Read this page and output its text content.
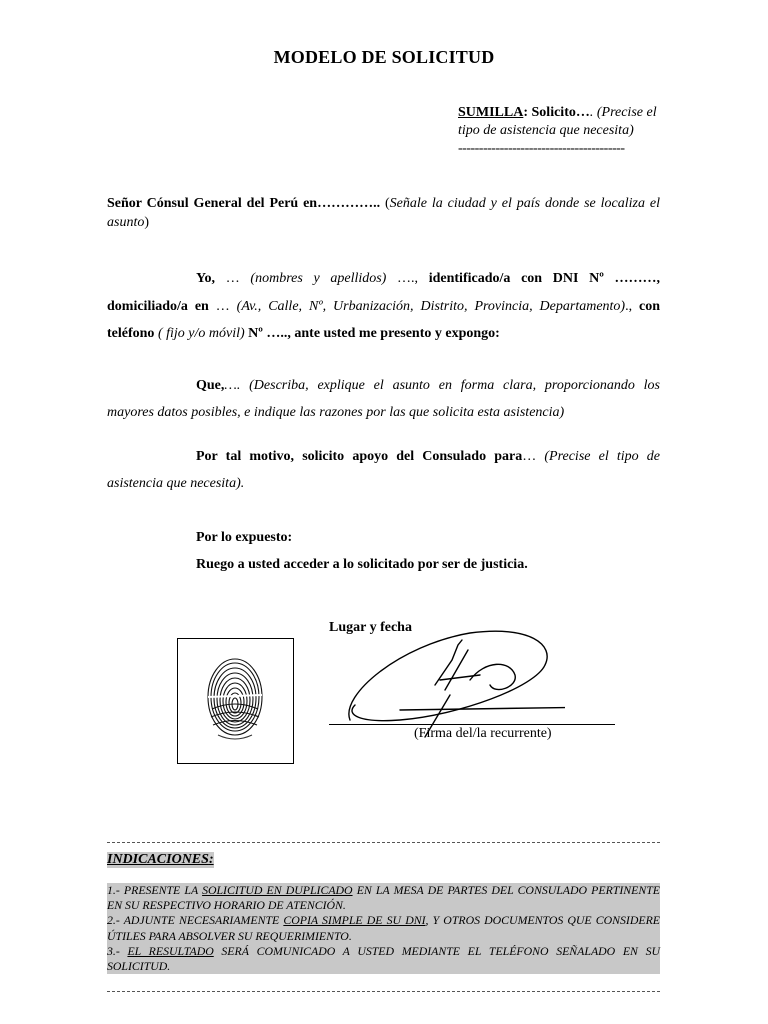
MODELO DE SOLICITUD
SUMILLA: Solicito…. (Precise el tipo de asistencia que necesita)
----------------------------------------
Señor Cónsul General del Perú en………….. (Señale la ciudad y el país donde se localiza el asunto)
Yo, … (nombres y apellidos) …., identificado/a con DNI Nº ………, domiciliado/a en … (Av., Calle, Nº, Urbanización, Distrito, Provincia, Departamento)., con teléfono ( fijo y/o móvil) Nº ….., ante usted me presento y expongo:
Que,…. (Describa, explique el asunto en forma clara, proporcionando los mayores datos posibles, e indique las razones por las que solicita esta asistencia)
Por tal motivo, solicito apoyo del Consulado para… (Precise el tipo de asistencia que necesita).
Por lo expuesto:
Ruego a usted acceder a lo solicitado por ser de justicia.
Lugar y fecha
(Firma del/la recurrente)
INDICACIONES:
1.- PRESENTE LA SOLICITUD EN DUPLICADO EN LA MESA DE PARTES DEL CONSULADO PERTINENTE EN SU RESPECTIVO HORARIO DE ATENCIÓN.
2.- ADJUNTE NECESARIAMENTE COPIA SIMPLE DE SU DNI, Y OTROS DOCUMENTOS QUE CONSIDERE ÚTILES PARA ABSOLVER SU REQUERIMIENTO.
3.- EL RESULTADO SERÁ COMUNICADO A USTED MEDIANTE EL TELÉFONO SEÑALADO EN SU SOLICITUD.
